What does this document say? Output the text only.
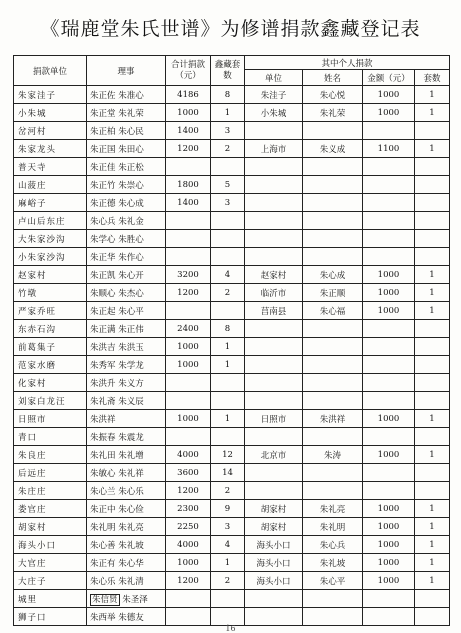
《瑞鹿堂朱氏世谱》为修谱捐款鑫藏登记表
捐款单位	理事	合计捐款（元）	鑫藏套数	其中个人捐款			
				单位	姓名	金额（元）	套数
朱家洼子	朱正佐 朱准心	4186	8	朱洼子	朱心悦	1000	1
小朱城	朱正堂 朱礼荣	1000	1	小朱城	朱礼荣	1000	1
岔河村	朱正柏 朱心民	1400	3				
朱家龙头	朱正国 朱田心	1200	2	上海市	朱义成	1100	1
普天寺	朱正佳 朱正松						
山菠庄	朱正竹 朱崇心	1800	5				
麻峪子	朱正德 朱心成	1400	3				
卢山后东庄	朱心兵 朱礼金						
大朱家沙沟	朱学心 朱胜心						
小朱家沙沟	朱正华 朱作心						
赵家村	朱正凯 朱心开	3200	4	赵家村	朱心成	1000	1
竹墩	朱顺心 朱杰心	1200	2	临沂市	朱正顺	1000	1
严家乔旺	朱正起 朱心平			莒南县	朱心福	1000	1
东赤石沟	朱正满 朱正伟	2400	8				
前葛集子	朱洪吉 朱洪玉	1000	1				
范家水磨	朱秀军 朱学龙	1000	1				
化家村	朱洪升 朱义方						
刘家白龙汪	朱礼斋 朱义辰						
日照市	朱洪祥	1000	1	日照市	朱洪祥	1000	1
青口	朱振春 朱震龙						
朱良庄	朱礼田 朱礼增	4000	12	北京市	朱涛	1000	1
后远庄	朱敏心 朱礼祥	3600	14				
朱庄庄	朱心兰 朱心乐	1200	2				
娄官庄	朱正中 朱心俭	2300	9	胡家村	朱礼亮	1000	1
胡家村	朱礼明 朱礼亮	2250	3	胡家村	朱礼明	1000	1
海头小口	朱心善 朱礼坡	4000	4	海头小口	朱心兵	1000	1
大官庄	朱正有 朱心华	1000	1	海头小口	朱礼坡	1000	1
大庄子	朱心乐 朱礼清	1200	2	海头小口	朱心平	1000	1
城里	朱信贤 朱圣泽						
狮子口	朱西举 朱德友						
16
